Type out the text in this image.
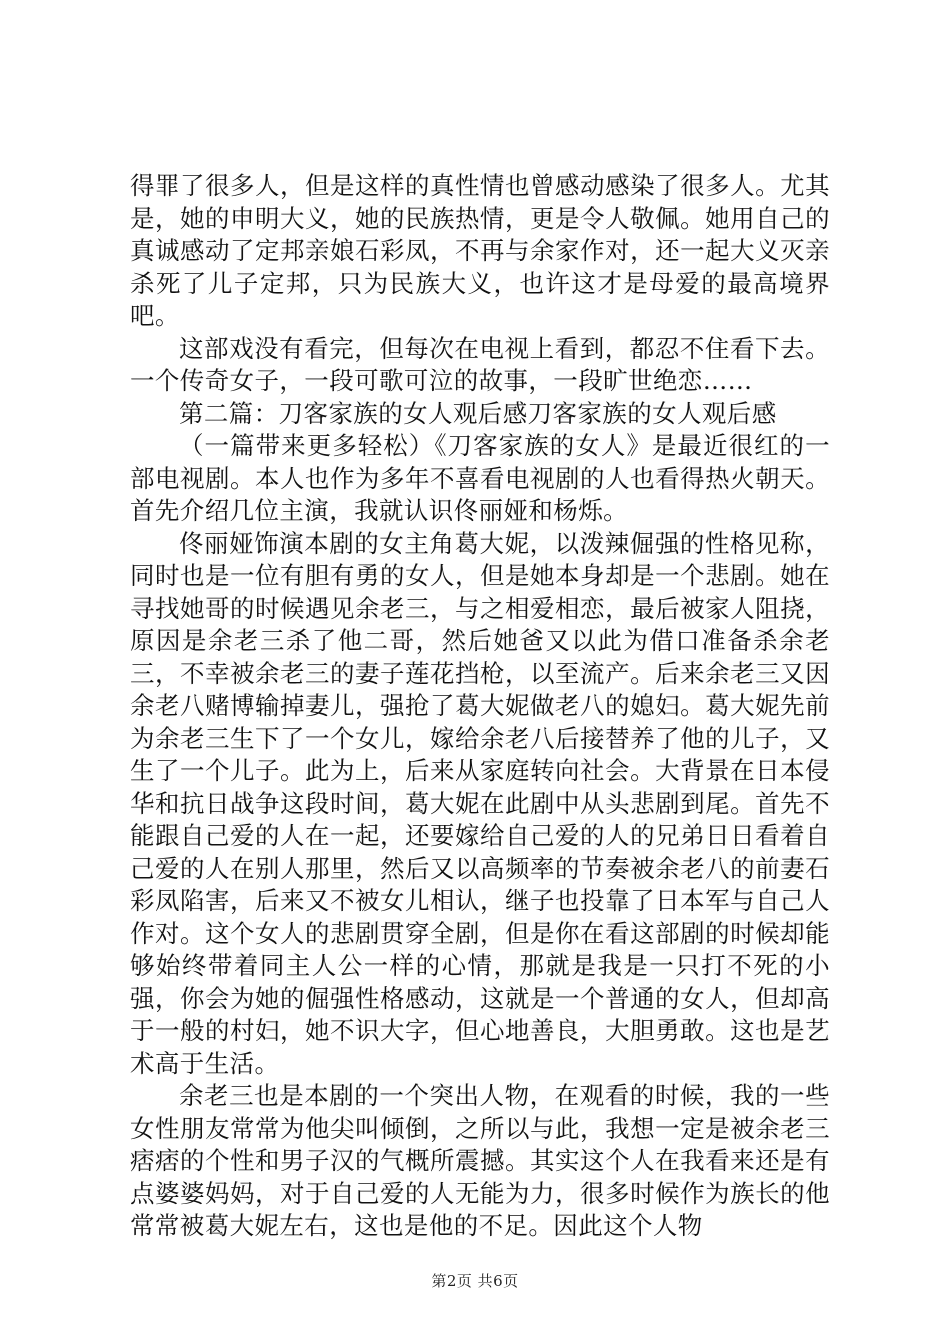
得罪了很多人，但是这样的真性情也曾感动感染了很多人。尤其是，她的申明大义，她的民族热情，更是令人敬佩。她用自己的真诚感动了定邦亲娘石彩凤，不再与余家作对，还一起大义灭亲杀死了儿子定邦，只为民族大义，也许这才是母爱的最高境界吧。

这部戏没有看完，但每次在电视上看到，都忍不住看下去。一个传奇女子，一段可歌可泣的故事，一段旷世绝恋……

第二篇：刀客家族的女人观后感刀客家族的女人观后感

（一篇带来更多轻松）《刀客家族的女人》是最近很红的一部电视剧。本人也作为多年不喜看电视剧的人也看得热火朝天。首先介绍几位主演，我就认识佟丽娅和杨烁。

佟丽娅饰演本剧的女主角葛大妮，以泼辣倔强的性格见称，同时也是一位有胆有勇的女人，但是她本身却是一个悲剧。她在寻找她哥的时候遇见余老三，与之相爱相恋，最后被家人阻挠，原因是余老三杀了他二哥，然后她爸又以此为借口准备杀余老三，不幸被余老三的妻子莲花挡枪，以至流产。后来余老三又因余老八赌博输掉妻儿，强抢了葛大妮做老八的媳妇。葛大妮先前为余老三生下了一个女儿，嫁给余老八后接替养了他的儿子，又生了一个儿子。此为上，后来从家庭转向社会。大背景在日本侵华和抗日战争这段时间，葛大妮在此剧中从头悲剧到尾。首先不能跟自己爱的人在一起，还要嫁给自己爱的人的兄弟日日看着自己爱的人在别人那里，然后又以高频率的节奏被余老八的前妻石彩凤陷害，后来又不被女儿相认，继子也投靠了日本军与自己人作对。这个女人的悲剧贯穿全剧，但是你在看这部剧的时候却能够始终带着同主人公一样的心情，那就是我是一只打不死的小强，你会为她的倔强性格感动，这就是一个普通的女人，但却高于一般的村妇，她不识大字，但心地善良，大胆勇敢。这也是艺术高于生活。

余老三也是本剧的一个突出人物，在观看的时候，我的一些女性朋友常常为他尖叫倾倒，之所以与此，我想一定是被余老三痞痞的个性和男子汉的气概所震撼。其实这个人在我看来还是有点婆婆妈妈，对于自己爱的人无能为力，很多时候作为族长的他常常被葛大妮左右，这也是他的不足。因此这个人物

第2页 共6页
